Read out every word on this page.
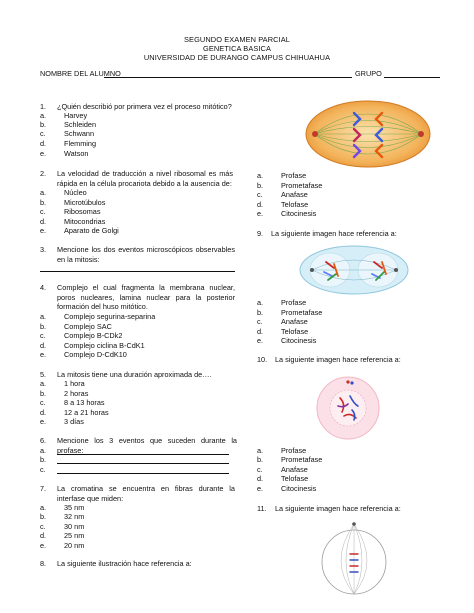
SEGUNDO EXAMEN PARCIAL
GENETICA BASICA
UNIVERSIDAD DE DURANGO CAMPUS CHIHUAHUA
NOMBRE DEL ALUMNO	GRUPO
1. ¿Quién describió por primera vez el proceso mitótico?
a. Harvey
b. Schleiden
c.	Schwann
d. Flemming
e. Watson
2. La velocidad de traducción a nivel ribosomal es más rápida en la célula procariota debido a la ausencia de:
a. Núcleo
b. Microtúbulos
c.	Ribosomas
d. Mitocondrias
e. Aparato de Golgi
3. Mencione los dos eventos microscópicos observables en la mitosis:
4. Complejo el cual fragmenta la membrana nuclear, poros nucleares, lamina nuclear para la posterior formación del huso mitótico.
a. Complejo segurina-separina
b. Complejo SAC
c.	Complejo B-CDk2
d. Complejo ciclina B-CdK1
e. Complejo D-CdK10
5. La mitosis tiene una duración aproximada de….
a. 1 hora
b. 2 horas
c.	8 a 13 horas
d. 12 a 21 horas
e. 3 días
6. Mencione los 3 eventos que suceden durante la profase:
a.
b.
c.
7. La cromatina se encuentra en fibras durante la interfase que miden:
a. 35 nm
b. 32 nm
c.	30 nm
d. 25 nm
e. 20 nm
8. La siguiente ilustración hace referencia a:
a. Profase
b. Prometafase
c.	Anafase
d. Telofase
e. Citocinesis
9. La siguiente imagen hace referencia a:
a. Profase
b. Prometafase
c.	Anafase
d. Telofase
e. Citocinesis
10. La siguiente imagen hace referencia a:
a. Profase
b. Prometafase
c.	Anafase
d. Telofase
e. Citocinesis
11. La siguiente imagen hace referencia a:
